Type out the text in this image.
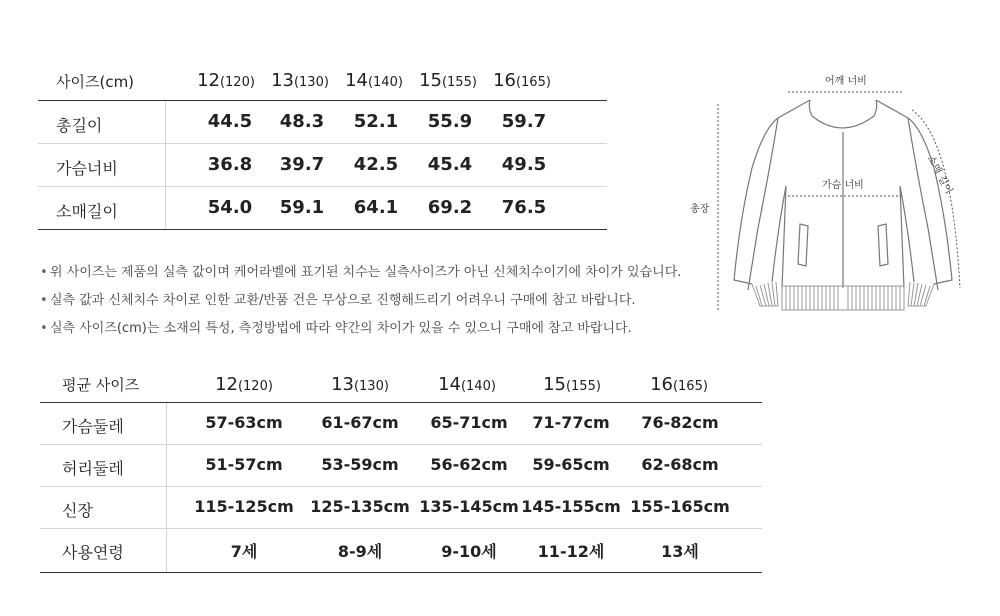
사이즈(cm)	12(120) 13(130) 14(140) 15(155) 16(165)
총길이	44.5	48.3	52.1	55.9	59.7
가슴너비	36.8	39.7	42.5	45.4	49.5
소매길이	54.0	59.1	64.1	69.2	76.5
• 위 사이즈는 제품의 실측 값이며 케어라벨에 표기된 치수는 실측사이즈가 아닌 신체치수이기에 차이가 있습니다.
• 실측 값과 신체치수 차이로 인한 교환/반품 건은 무상으로 진행해드리기 어려우니 구매에 참고 바랍니다.
• 실측 사이즈(cm)는 소재의 특성, 측정방법에 따라 약간의 차이가 있을 수 있으니 구매에 참고 바랍니다.
평균 사이즈	12(120)	13(130)	14(140)	15(155)	16(165)
가슴둘레	57-63cm	61-67cm	65-71cm	71-77cm	76-82cm
허리둘레	51-57cm	53-59cm	56-62cm	59-65cm	62-68cm
신장	115-125cm 125-135cm 135-145cm 145-155cm 155-165cm
사용연령	7세	8-9세	9-10세	11-12세	13세
어깨 너비
가슴 너비
총장
소매 길이
